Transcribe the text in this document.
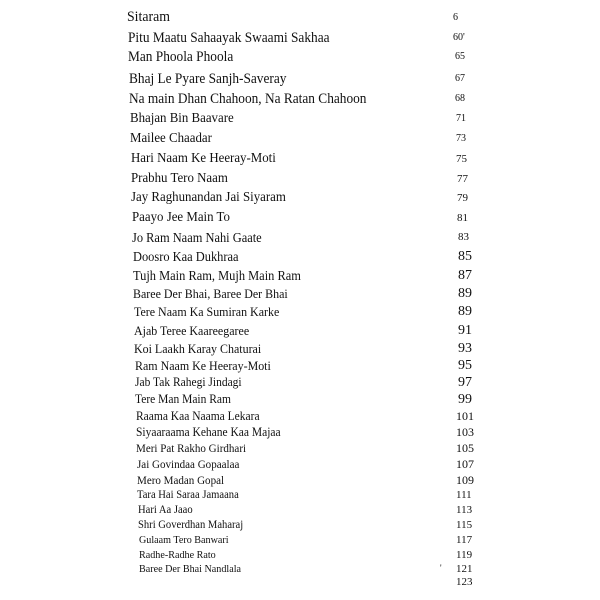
Sitaram	6
Pitu Maatu Sahaayak Swaami Sakhaa	60'
Man Phoola Phoola	65
Bhaj Le Pyare Sanjh-Saveray	67
Na main Dhan Chahoon, Na Ratan Chahoon	68
Bhajan Bin Baavare	71
Mailee Chaadar	73
Hari Naam Ke Heeray-Moti	75
Prabhu Tero Naam	77
Jay Raghunandan Jai Siyaram	79
Paayo Jee Main To	81
Jo Ram Naam Nahi Gaate	83
Doosro Kaa Dukhraa	85
Tujh Main Ram, Mujh Main Ram	87
Baree Der Bhai, Baree Der Bhai	89
Tere Naam Ka Sumiran Karke	89
Ajab Teree Kaareegaree	91
Koi Laakh Karay Chaturai	93
Ram Naam Ke Heeray-Moti	95
Jab Tak Rahegi Jindagi	97
Tere Man Main Ram	99
Raama Kaa Naama Lekara	101
Siyaaraama Kehane Kaa Majaa	103
Meri Pat Rakho Girdhari	105
Jai Govindaa Gopaalaa	107
Mero Madan Gopal	109
Tara Hai Saraa Jamaana	111
Hari Aa Jaao	113
Shri Goverdhan Maharaj	115
Gulaam Tero Banwari	117
Radhe-Radhe Rato	119
Baree Der Bhai Nandlala	121
123
'
